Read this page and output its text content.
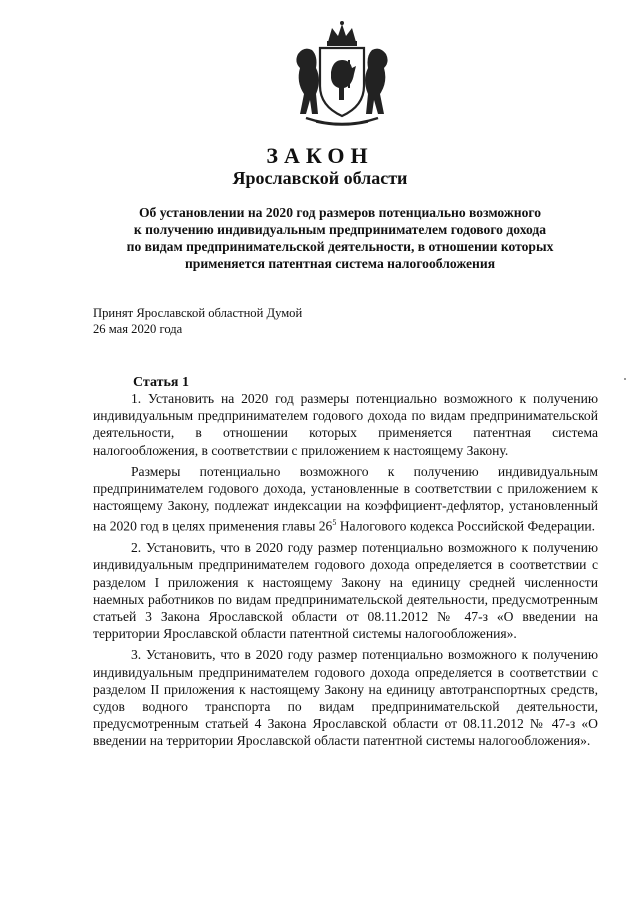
ЗАКОН
Ярославской области
Об установлении на 2020 год размеров потенциально возможного
к получению индивидуальным предпринимателем годового дохода
по видам предпринимательской деятельности, в отношении которых
применяется патентная система налогообложения
Принят Ярославской областной Думой
26 мая 2020 года
Статья 1

1. Установить на 2020 год размеры потенциально возможного к получению индивидуальным предпринимателем годового дохода по видам предпринимательской деятельности, в отношении которых применяется патентная система налогообложения, в соответствии с приложением к настоящему Закону.

Размеры потенциально возможного к получению индивидуальным предпринимателем годового дохода, установленные в соответствии с приложением к настоящему Закону, подлежат индексации на коэффициент-дефлятор, установленный на 2020 год в целях применения главы $26^5$ Налогового кодекса Российской Федерации.

2. Установить, что в 2020 году размер потенциально возможного к получению индивидуальным предпринимателем годового дохода определяется в соответствии с разделом I приложения к настоящему Закону на единицу средней численности наемных работников по видам предпринимательской деятельности, предусмотренным статьей 3 Закона Ярославской области от 08.11.2012 № 47-з «О введении на территории Ярославской области патентной системы налогообложения».

3. Установить, что в 2020 году размер потенциально возможного к получению индивидуальным предпринимателем годового дохода определяется в соответствии с разделом II приложения к настоящему Закону на единицу автотранспортных средств, судов водного транспорта по видам предпринимательской деятельности, предусмотренным статьей 4 Закона Ярославской области от 08.11.2012 № 47-з «О введении на территории Ярославской области патентной системы налогообложения».
